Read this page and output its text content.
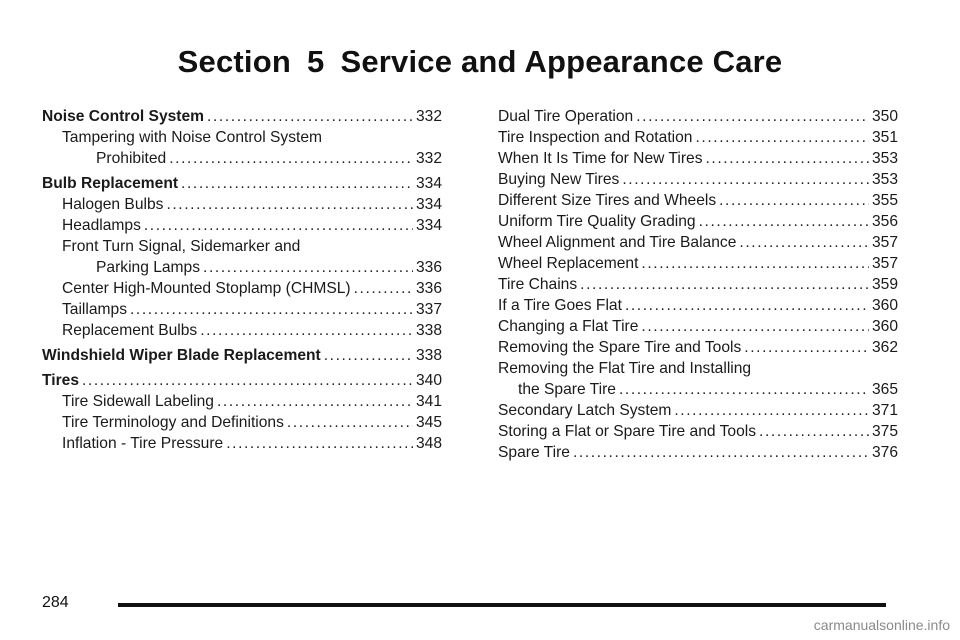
Section 5 Service and Appearance Care
Noise Control System .....	332
Tampering with Noise Control System
Prohibited .....	332
Bulb Replacement .....	334
Halogen Bulbs .....	334
Headlamps .....	334
Front Turn Signal, Sidemarker and
Parking Lamps .....	336
Center High-Mounted Stoplamp (CHMSL) .....	336
Taillamps .....	337
Replacement Bulbs .....	338
Windshield Wiper Blade Replacement .....	338
Tires .....	340
Tire Sidewall Labeling .....	341
Tire Terminology and Definitions .....	345
Inflation - Tire Pressure .....	348
Dual Tire Operation .....	350
Tire Inspection and Rotation .....	351
When It Is Time for New Tires .....	353
Buying New Tires .....	353
Different Size Tires and Wheels .....	355
Uniform Tire Quality Grading .....	356
Wheel Alignment and Tire Balance .....	357
Wheel Replacement .....	357
Tire Chains .....	359
If a Tire Goes Flat .....	360
Changing a Flat Tire .....	360
Removing the Spare Tire and Tools .....	362
Removing the Flat Tire and Installing
the Spare Tire .....	365
Secondary Latch System .....	371
Storing a Flat or Spare Tire and Tools .....	375
Spare Tire .....	376
284
carmanualsonline.info
